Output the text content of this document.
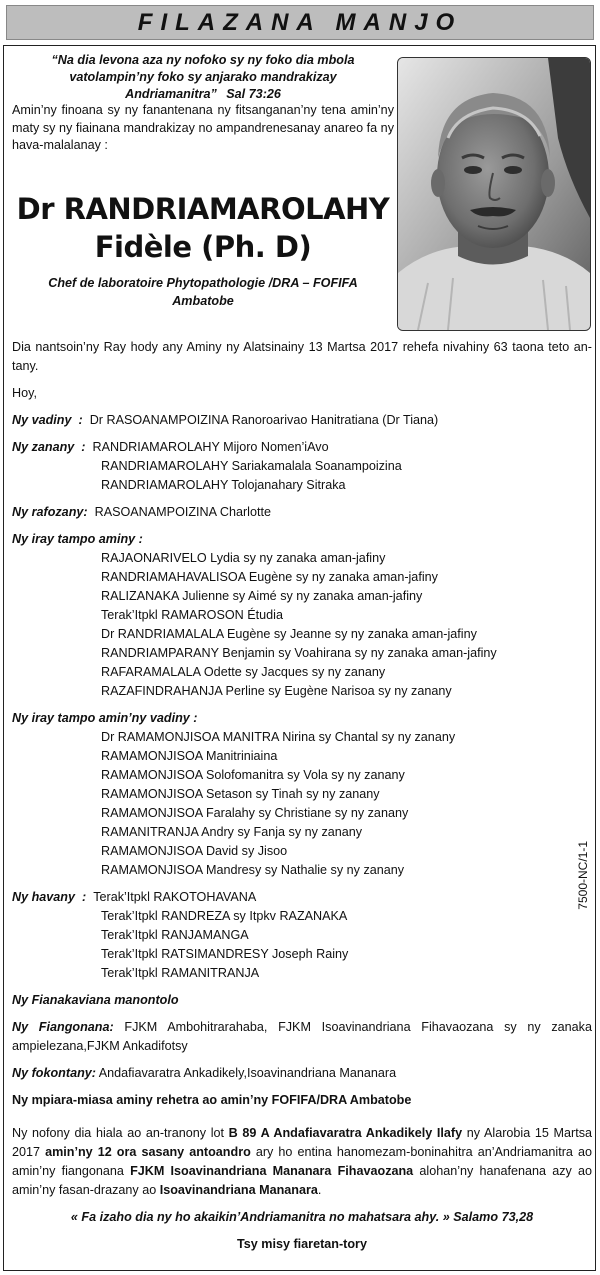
FILAZANA MANJO
“Na dia levona aza ny nofoko sy ny foko dia mbola
vatolampin’ny foko sy anjarako mandrakizay
Andriamanitra” Sal 73:26
Amin’ny finoana sy ny fanantenana ny fitsanganan’ny tena amin’ny maty sy ny fiainana mandrakizay no ampandrenesanay anareo fa ny hava-malalanay :
Dr RANDRIAMAROLAHY
Fidèle (Ph. D)
Chef de laboratoire Phytopathologie /DRA – FOFIFA
Ambatobe

Dia nantsoin’ny Ray hody any Aminy ny Alatsinainy 13 Martsa 2017 rehefa nivahiny 63 taona teto an-tany.

Hoy,

Ny vadiny  : Dr RASOANAMPOIZINA Ranoroarivao Hanitratiana (Dr Tiana)
Ny zanany  : RANDRIAMAROLAHY Mijoro Nomen’iAvo
RANDRIAMAROLAHY Sariakamalala Soanampoizina
RANDRIAMAROLAHY Tolojanahary Sitraka
Ny rafozany: RASOANAMPOIZINA Charlotte
Ny iray tampo aminy :
RAJAONARIVELO Lydia sy ny zanaka aman-jafiny
RANDRIAMAHAVALISOA Eugène sy ny zanaka aman-jafiny
RALIZANAKA Julienne sy Aimé sy ny zanaka aman-jafiny
Terak’Itpkl RAMAROSON Étudia
Dr RANDRIAMALALA Eugène sy Jeanne sy ny zanaka aman-jafiny
RANDRIAMPARANY Benjamin sy Voahirana sy ny zanaka aman-jafiny
RAFARAMALALA Odette sy Jacques sy ny zanany
RAZAFINDRAHANJA Perline sy Eugène Narisoa sy ny zanany
Ny iray tampo amin’ny vadiny :
Dr RAMAMONJISOA MANITRA Nirina sy Chantal sy ny zanany
RAMAMONJISOA Manitriniaina
RAMAMONJISOA Solofomanitra sy Vola sy ny zanany
RAMAMONJISOA Setason sy Tinah sy ny zanany
RAMAMONJISOA Faralahy sy Christiane sy ny zanany
RAMANITRANJA Andry sy Fanja sy ny zanany
RAMAMONJISOA David sy Jisoo
RAMAMONJISOA Mandresy sy Nathalie sy ny zanany
Ny havany  : Terak’Itpkl RAKOTOHAVANA
Terak’Itpkl RANDREZA sy Itpkv RAZANAKA
Terak’Itpkl RANJAMANGA
Terak’Itpkl RATSIMANDRESY Joseph Rainy
Terak’Itpkl RAMANITRANJA
Ny Fianakaviana manontolo

Ny Fiangonana: FJKM Ambohitrarahaba, FJKM Isoavinandriana Fihavaozana sy ny zanaka ampielezana,FJKM Ankadifotsy

Ny fokontany: Andafiavaratra Ankadikely,Isoavinandriana Mananara

Ny mpiara-miasa aminy rehetra ao amin’ny FOFIFA/DRA Ambatobe

Ny nofony dia hiala ao an-tranony lot B 89 A Andafiavaratra Ankadikely Ilafy ny Alarobia 15 Martsa 2017 amin’ny 12 ora sasany antoandro ary ho entina hanomezam-boninahitra an’Andriamanitra ao amin’ny fiangonana FJKM Isoavinandriana Mananara Fihavaozana alohan’ny hanafenana azy ao amin’ny fasan-drazany ao Isoavinandriana Mananara.

« Fa izaho dia ny ho akaikin’Andriamanitra no mahatsara ahy. » Salamo 73,28

Tsy misy fiaretan-tory

7500-NC/1-1
